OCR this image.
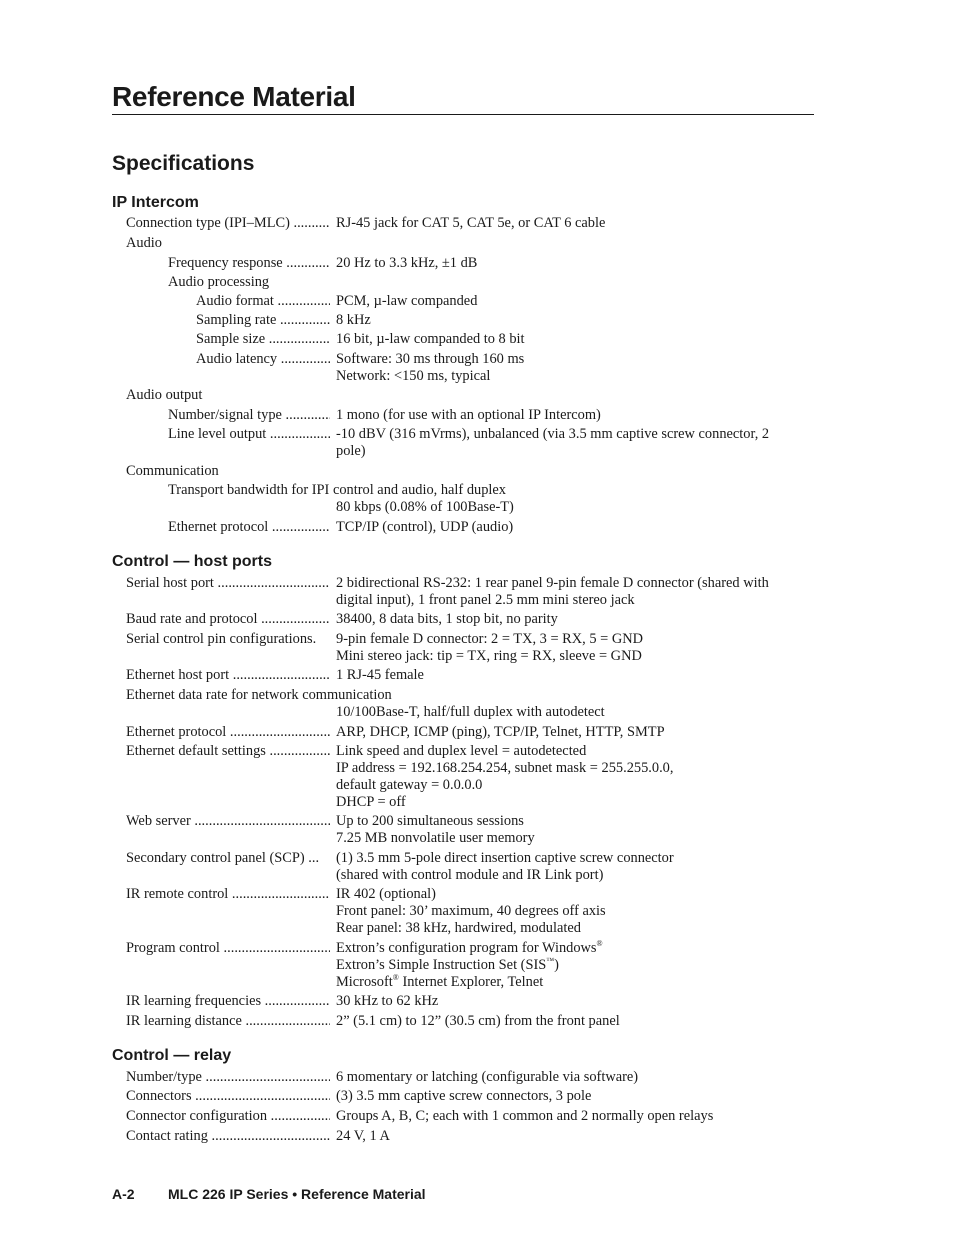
Reference Material
Specifications
IP Intercom
Connection type (IPI–MLC) .....	RJ-45 jack for CAT 5, CAT 5e, or CAT 6 cable
Audio
Frequency response .....	20 Hz to 3.3 kHz, ±1 dB
Audio processing
Audio format .....	PCM, µ-law companded
Sampling rate .....	8 kHz
Sample size .....	16 bit, µ-law companded to 8 bit
Audio latency .....	Software: 30 ms through 160 ms
Network: <150 ms, typical
Audio output
Number/signal type .....	1 mono (for use with an optional IP Intercom)
Line level output .....	-10 dBV (316 mVrms), unbalanced (via 3.5 mm captive screw connector, 2
pole)
Communication
Transport bandwidth for IPI control and audio, half duplex
80 kbps (0.08% of 100Base-T)
Ethernet protocol .....	TCP/IP (control), UDP (audio)
Control — host ports
Serial host port .....	2 bidirectional RS-232: 1 rear panel 9-pin female D connector (shared with
digital input), 1 front panel 2.5 mm mini stereo jack
Baud rate and protocol .....	38400, 8 data bits, 1 stop bit, no parity
Serial control pin configurations. 9-pin female D connector: 2 = TX, 3 = RX, 5 = GND
Mini stereo jack: tip = TX, ring = RX, sleeve = GND
Ethernet host port .....	1 RJ-45 female
Ethernet data rate for network communication
10/100Base-T, half/full duplex with autodetect
Ethernet protocol .....	ARP, DHCP, ICMP (ping), TCP/IP, Telnet, HTTP, SMTP
Ethernet default settings .....	Link speed and duplex level = autodetected
IP address = 192.168.254.254, subnet mask = 255.255.0.0,
default gateway = 0.0.0.0
DHCP = off
Web server .....	Up to 200 simultaneous sessions
7.25 MB nonvolatile user memory
Secondary control panel (SCP) ... (1) 3.5 mm 5-pole direct insertion captive screw connector
(shared with control module and IR Link port)
IR remote control .....	IR 402 (optional)
Front panel: 30’ maximum, 40 degrees off axis
Rear panel: 38 kHz, hardwired, modulated
Program control .....	Extron’s configuration program for Windows®
Extron’s Simple Instruction Set (SIS™)
Microsoft® Internet Explorer, Telnet
IR learning frequencies .....	30 kHz to 62 kHz
IR learning distance .....	2” (5.1 cm) to 12” (30.5 cm) from the front panel
Control — relay
Number/type .....	6 momentary or latching (configurable via software)
Connectors .....	(3) 3.5 mm captive screw connectors, 3 pole
Connector configuration .....	Groups A, B, C; each with 1 common and 2 normally open relays
Contact rating .....	24 V, 1 A
A-2 MLC 226 IP Series • Reference Material
